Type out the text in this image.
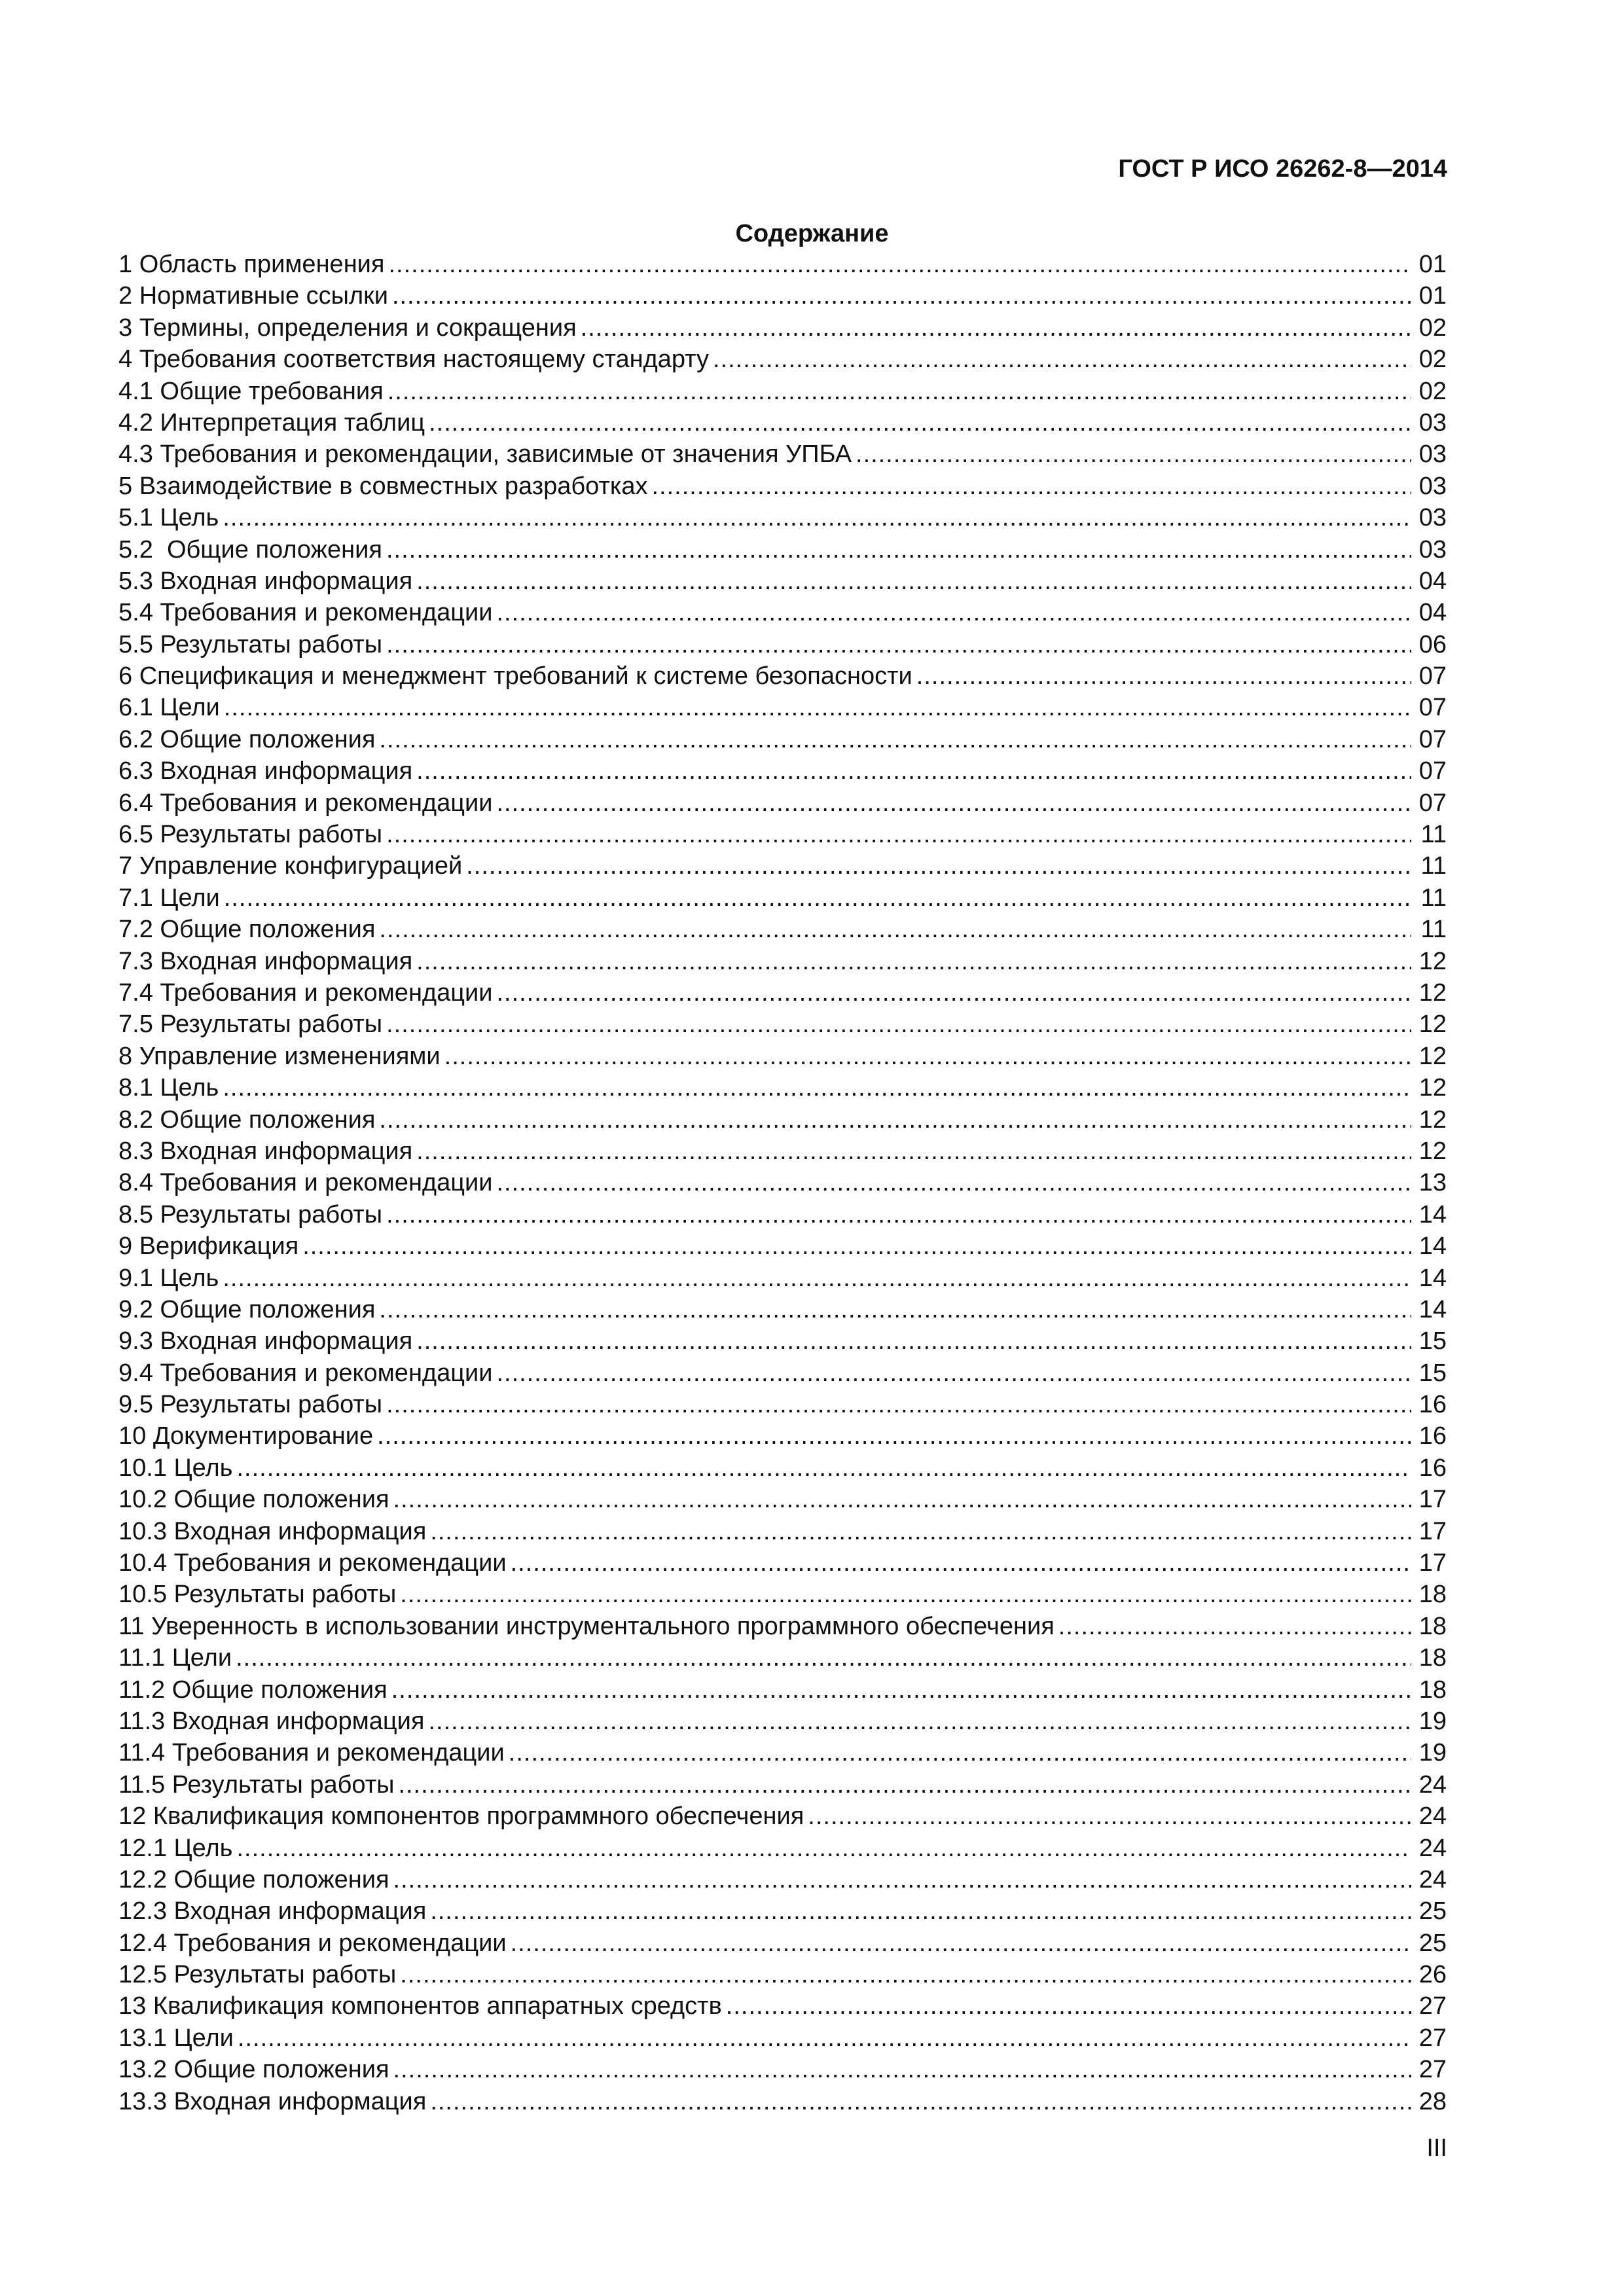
ГОСТ Р ИСО 26262-8—2014
Содержание
1 Область применения .....	01
2 Нормативные ссылки .....	01
3 Термины, определения и сокращения .....	02
4 Требования соответствия настоящему стандарту .....	02
4.1 Общие требования .....	02
4.2 Интерпретация таблиц .....	03
4.3 Требования и рекомендации, зависимые от значения УПБА .....	03
5 Взаимодействие в совместных разработках .....	03
5.1 Цель .....	03
5.2  Общие положения .....	03
5.3 Входная информация .....	04
5.4 Требования и рекомендации .....	04
5.5 Результаты работы .....	06
6 Спецификация и менеджмент требований к системе безопасности .....	07
6.1 Цели .....	07
6.2 Общие положения .....	07
6.3 Входная информация .....	07
6.4 Требования и рекомендации .....	07
6.5 Результаты работы .....	11
7 Управление конфигурацией .....	11
7.1 Цели .....	11
7.2 Общие положения .....	11
7.3 Входная информация .....	12
7.4 Требования и рекомендации .....	12
7.5 Результаты работы .....	12
8 Управление изменениями .....	12
8.1 Цель .....	12
8.2 Общие положения .....	12
8.3 Входная информация .....	12
8.4 Требования и рекомендации .....	13
8.5 Результаты работы .....	14
9 Верификация .....	14
9.1 Цель .....	14
9.2 Общие положения .....	14
9.3 Входная информация .....	15
9.4 Требования и рекомендации .....	15
9.5 Результаты работы .....	16
10 Документирование .....	16
10.1 Цель .....	16
10.2 Общие положения .....	17
10.3 Входная информация .....	17
10.4 Требования и рекомендации .....	17
10.5 Результаты работы .....	18
11 Уверенность в использовании инструментального программного обеспечения .....	18
11.1 Цели .....	18
11.2 Общие положения .....	18
11.3 Входная информация .....	19
11.4 Требования и рекомендации .....	19
11.5 Результаты работы .....	24
12 Квалификация компонентов программного обеспечения .....	24
12.1 Цель .....	24
12.2 Общие положения .....	24
12.3 Входная информация .....	25
12.4 Требования и рекомендации .....	25
12.5 Результаты работы .....	26
13 Квалификация компонентов аппаратных средств .....	27
13.1 Цели .....	27
13.2 Общие положения .....	27
13.3 Входная информация .....	28
III
